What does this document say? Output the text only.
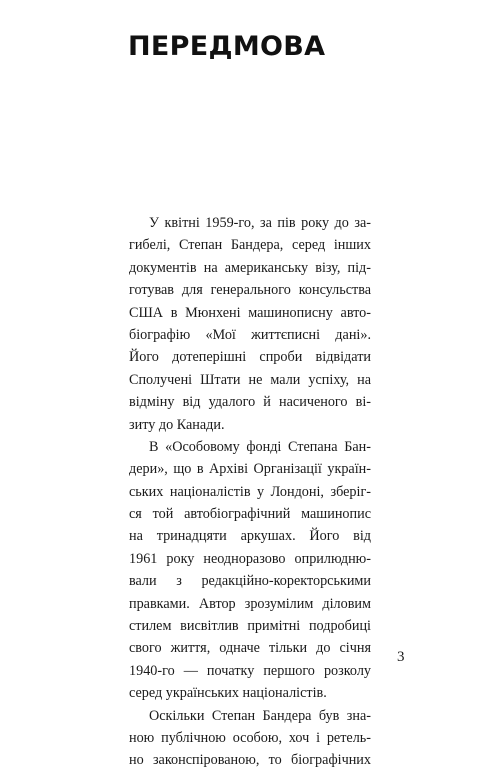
ПЕРЕДМОВА
У квітні 1959-го, за пів року до за-
гибелі, Степан Бандера, серед інших
документів на американську візу, під-
готував для генерального консульства
США в Мюнхені машинописну авто-
біографію «Мої життєписні дані».
Його дотеперішні спроби відвідати
Сполучені Штати не мали успіху, на
відміну від удалого й насиченого ві-
зиту до Канади.
В «Особовому фонді Степана Бан-
дери», що в Архіві Організації україн-
ських націоналістів у Лондоні, зберіг-
ся той автобіографічний машинопис
на тринадцяти аркушах. Його від
1961 року неодноразово оприлюдню-
вали з редакційно-коректорськими
правками. Автор зрозумілим діловим
стилем висвітлив примітні подробиці
свого життя, одначе тільки до січня
1940-го — початку першого розколу
серед українських націоналістів.
Оскільки Степан Бандера був зна-
ною публічною особою, хоч і ретель-
но законспірованою, то біографічних
3
